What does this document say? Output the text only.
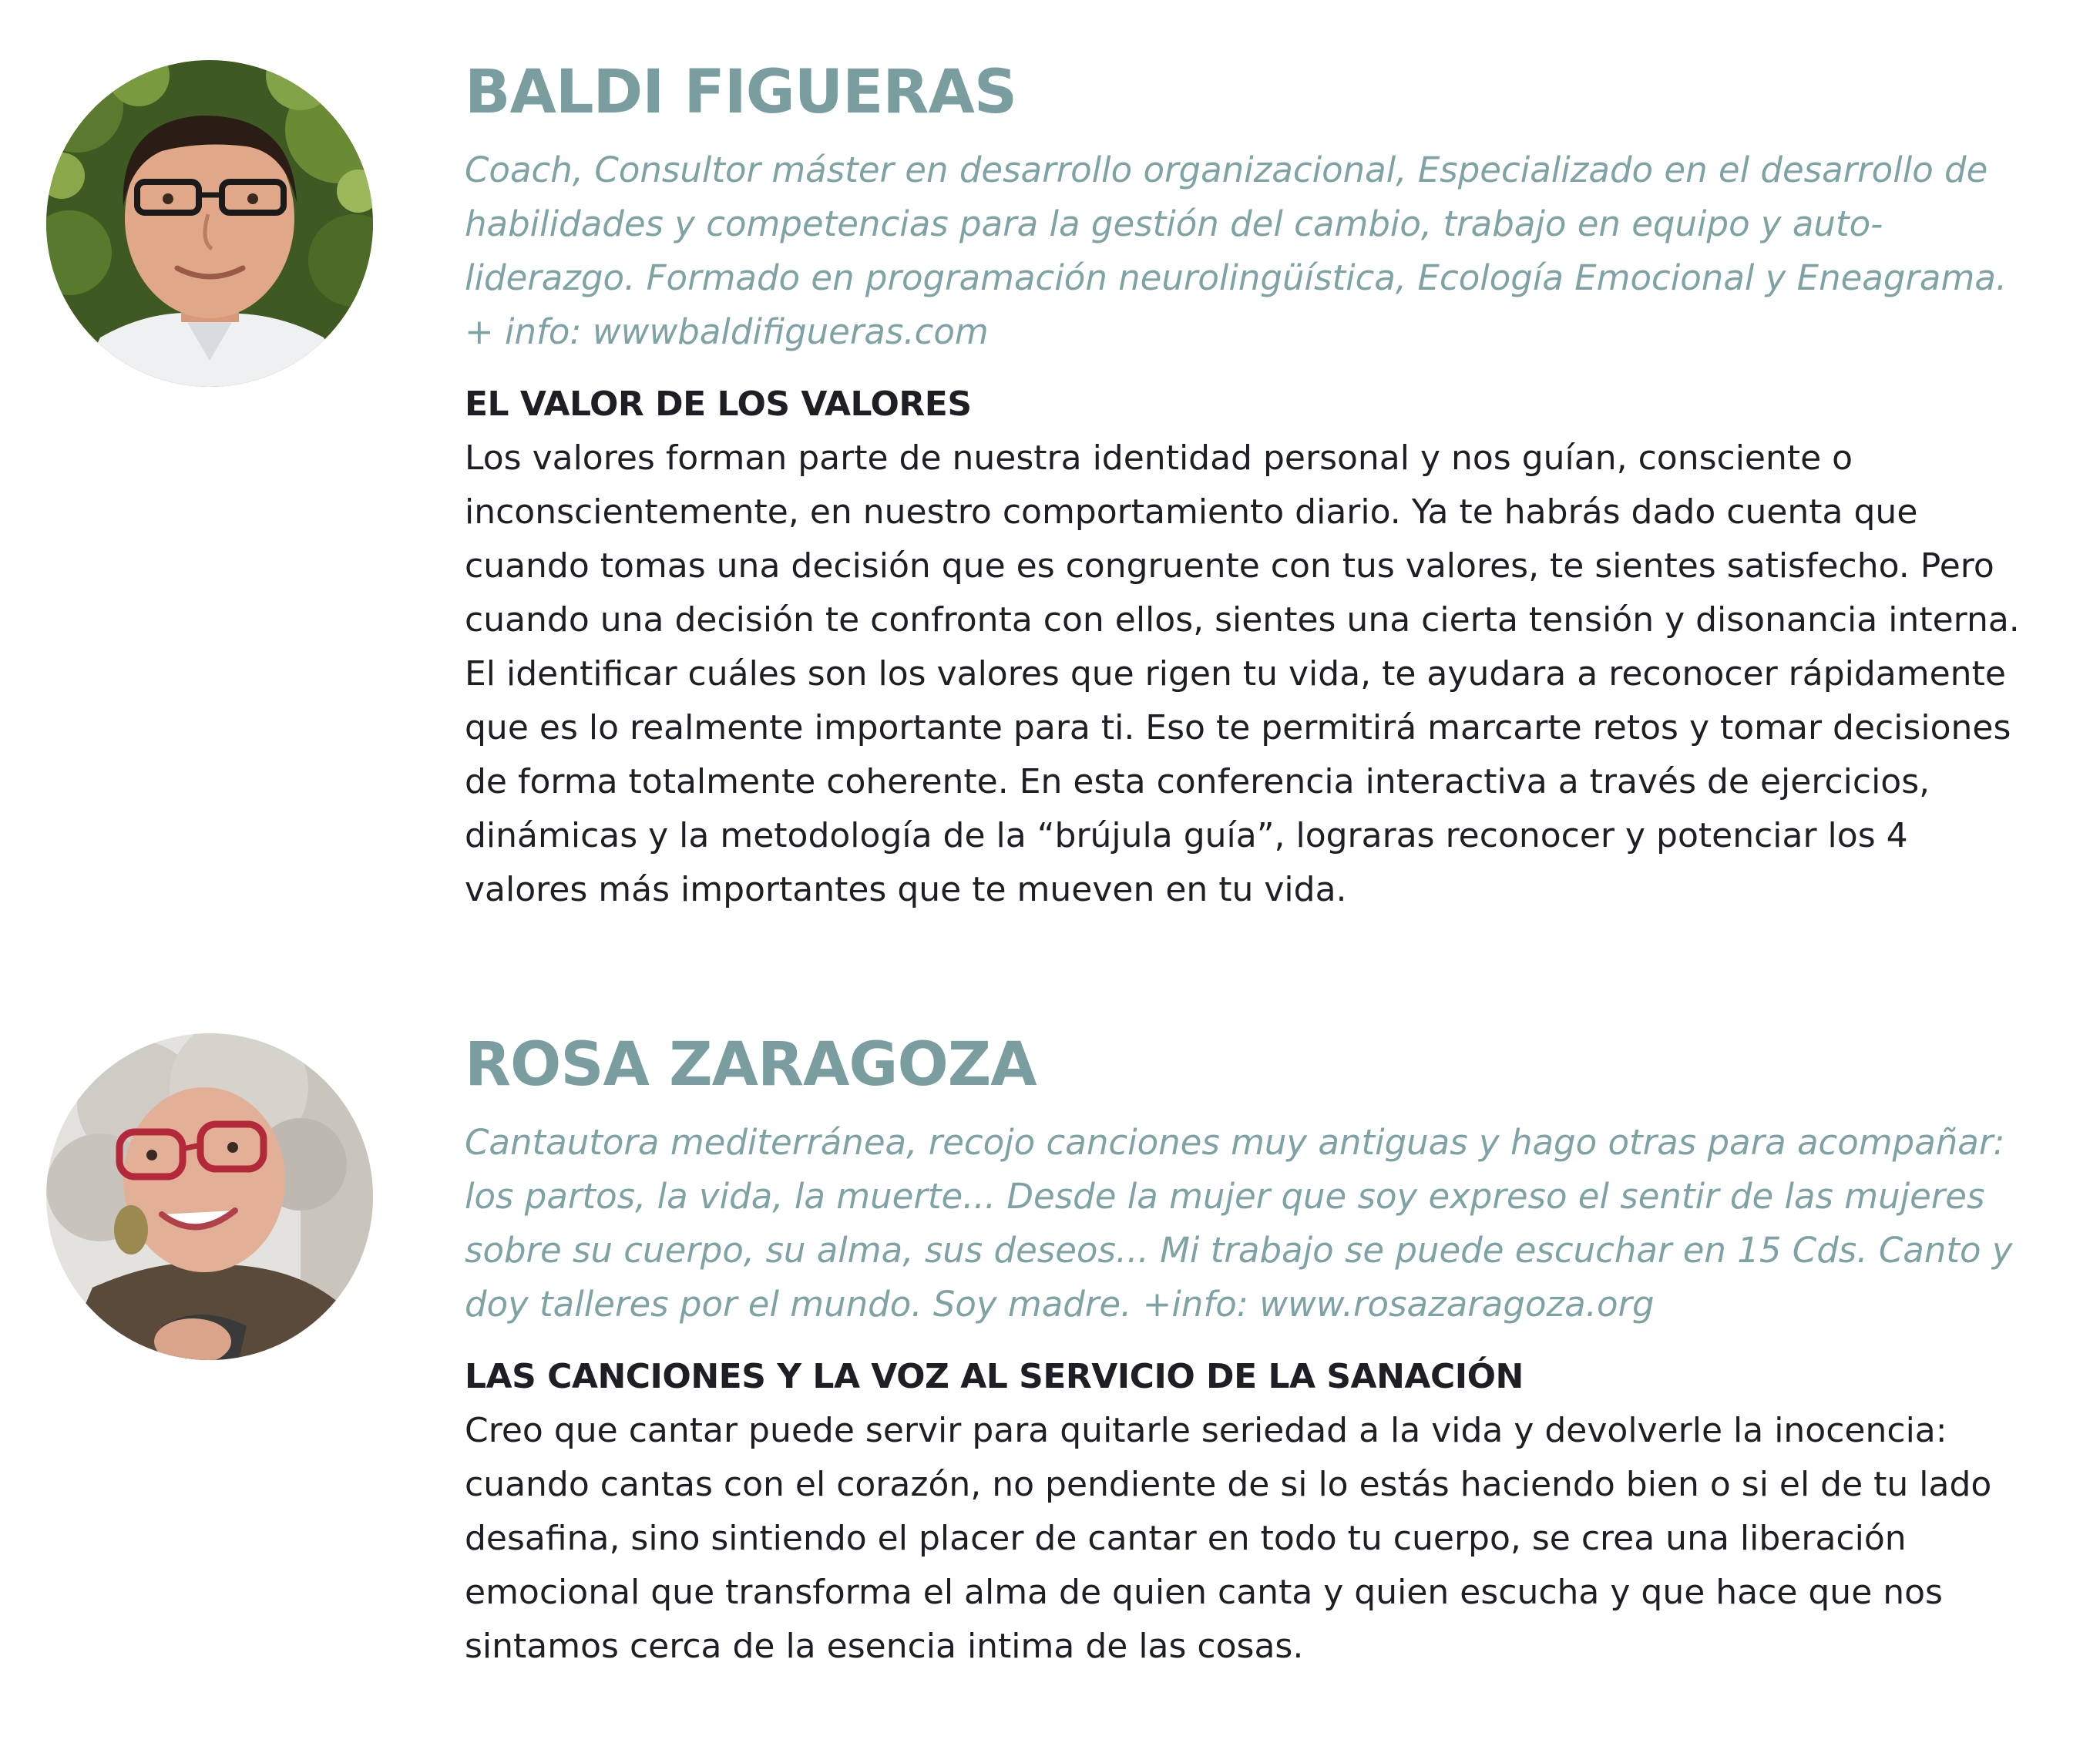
BALDI FIGUERAS

Coach, Consultor máster en desarrollo organizacional, Especializado en el desarrollo de habilidades y competencias para la gestión del cambio, trabajo en equipo y auto-liderazgo. Formado en programación neurolingüística, Ecología Emocional y Eneagrama. + info: wwwbaldifigueras.com

EL VALOR DE LOS VALORES

Los valores forman parte de nuestra identidad personal y nos guían, consciente o inconscientemente, en nuestro comportamiento diario. Ya te habrás dado cuenta que cuando tomas una decisión que es congruente con tus valores, te sientes satisfecho. Pero cuando una decisión te confronta con ellos, sientes una cierta tensión y disonancia interna. El identificar cuáles son los valores que rigen tu vida, te ayudara a reconocer rápidamente que es lo realmente importante para ti. Eso te permitirá marcarte retos y tomar decisiones de forma totalmente coherente. En esta conferencia interactiva a través de ejercicios, dinámicas y la metodología de la “brújula guía”, lograras reconocer y potenciar los 4 valores más importantes que te mueven en tu vida.

ROSA ZARAGOZA

Cantautora mediterránea, recojo canciones muy antiguas y hago otras para acompañar: los partos, la vida, la muerte... Desde la mujer que soy expreso el sentir de las mujeres sobre su cuerpo, su alma, sus deseos... Mi trabajo se puede escuchar en 15 Cds. Canto y doy talleres por el mundo. Soy madre. +info: www.rosazaragoza.org

LAS CANCIONES Y LA VOZ AL SERVICIO DE LA SANACIÓN

Creo que cantar puede servir para quitarle seriedad a la vida y devolverle la inocencia: cuando cantas con el corazón, no pendiente de si lo estás haciendo bien o si el de tu lado desafina, sino sintiendo el placer de cantar en todo tu cuerpo, se crea una liberación emocional que transforma el alma de quien canta y quien escucha y que hace que nos sintamos cerca de la esencia intima de las cosas.
